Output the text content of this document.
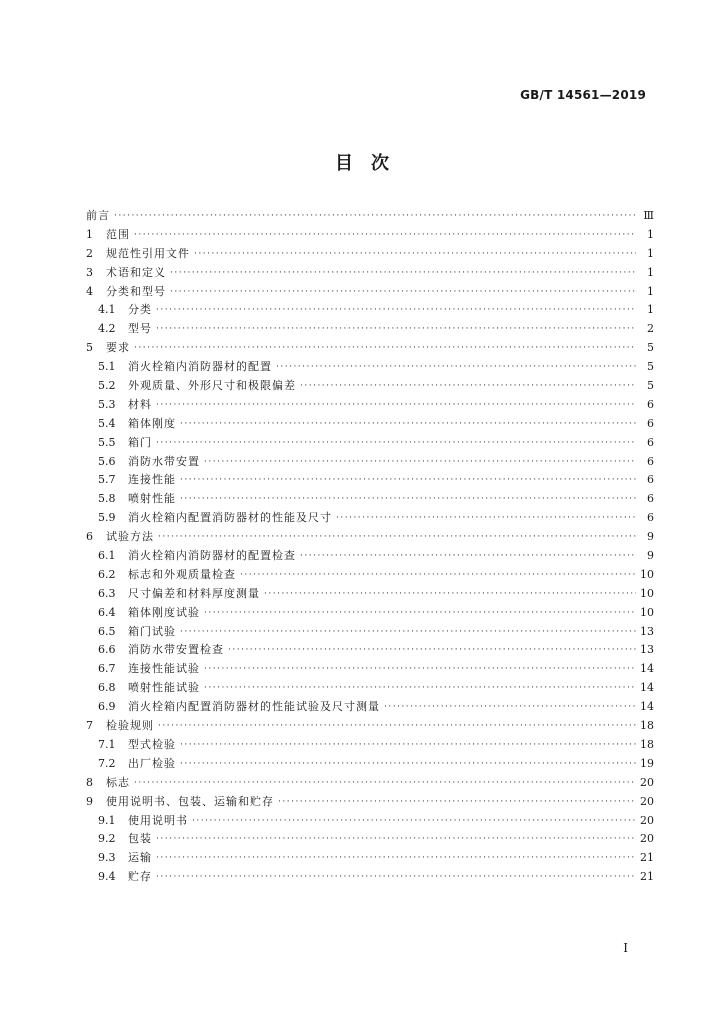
GB/T 14561—2019
目　次
前言 ·····	Ⅲ
1	范围 ·····	1
2	规范性引用文件 ·····	1
3	术语和定义 ·····	1
4	分类和型号 ·····	1
4.1	分类 ·····	1
4.2	型号 ·····	2
5	要求 ·····	5
5.1	消火栓箱内消防器材的配置 ·····	5
5.2	外观质量、外形尺寸和极限偏差 ·····	5
5.3	材料 ·····	6
5.4	箱体刚度 ·····	6
5.5	箱门 ·····	6
5.6	消防水带安置 ·····	6
5.7	连接性能 ·····	6
5.8	喷射性能 ·····	6
5.9	消火栓箱内配置消防器材的性能及尺寸 ·····	6
6	试验方法 ·····	9
6.1	消火栓箱内消防器材的配置检查 ·····	9
6.2	标志和外观质量检查 ·····	10
6.3	尺寸偏差和材料厚度测量 ·····	10
6.4	箱体刚度试验 ·····	10
6.5	箱门试验 ·····	13
6.6	消防水带安置检查 ·····	13
6.7	连接性能试验 ·····	14
6.8	喷射性能试验 ·····	14
6.9	消火栓箱内配置消防器材的性能试验及尺寸测量 ·····	14
7	检验规则 ·····	18
7.1	型式检验 ·····	18
7.2	出厂检验 ·····	19
8	标志 ·····	20
9	使用说明书、包装、运输和贮存 ·····	20
9.1	使用说明书 ·····	20
9.2	包装 ·····	20
9.3	运输 ·····	21
9.4	贮存 ·····	21
I
